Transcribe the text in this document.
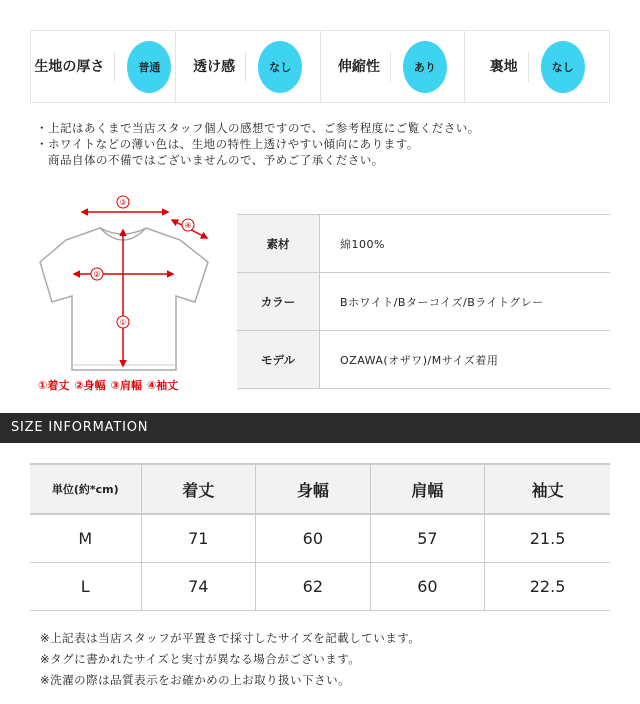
生地の厚さ	普通	透け感	なし	伸縮性	あり	裏地	なし
・上記はあくまで当店スタッフ個人の感想ですので、ご参考程度にご覧ください。
・ホワイトなどの薄い色は、生地の特性上透けやすい傾向にあります。
　商品自体の不備ではございませんので、予めご了承ください。
①
②
③
④
①着丈 ②身幅 ③肩幅 ④袖丈
素材	綿100%
カラー	Bホワイト/Bターコイズ/Bライトグレー
モデル	OZAWA(オザワ)/Mサイズ着用
SIZE INFORMATION
単位(約*cm)	着丈	身幅	肩幅	袖丈
M	71	60	57	21.5
L	74	62	60	22.5
※上記表は当店スタッフが平置きで採寸したサイズを記載しています。
※タグに書かれたサイズと実寸が異なる場合がございます。
※洗濯の際は品質表示をお確かめの上お取り扱い下さい。
